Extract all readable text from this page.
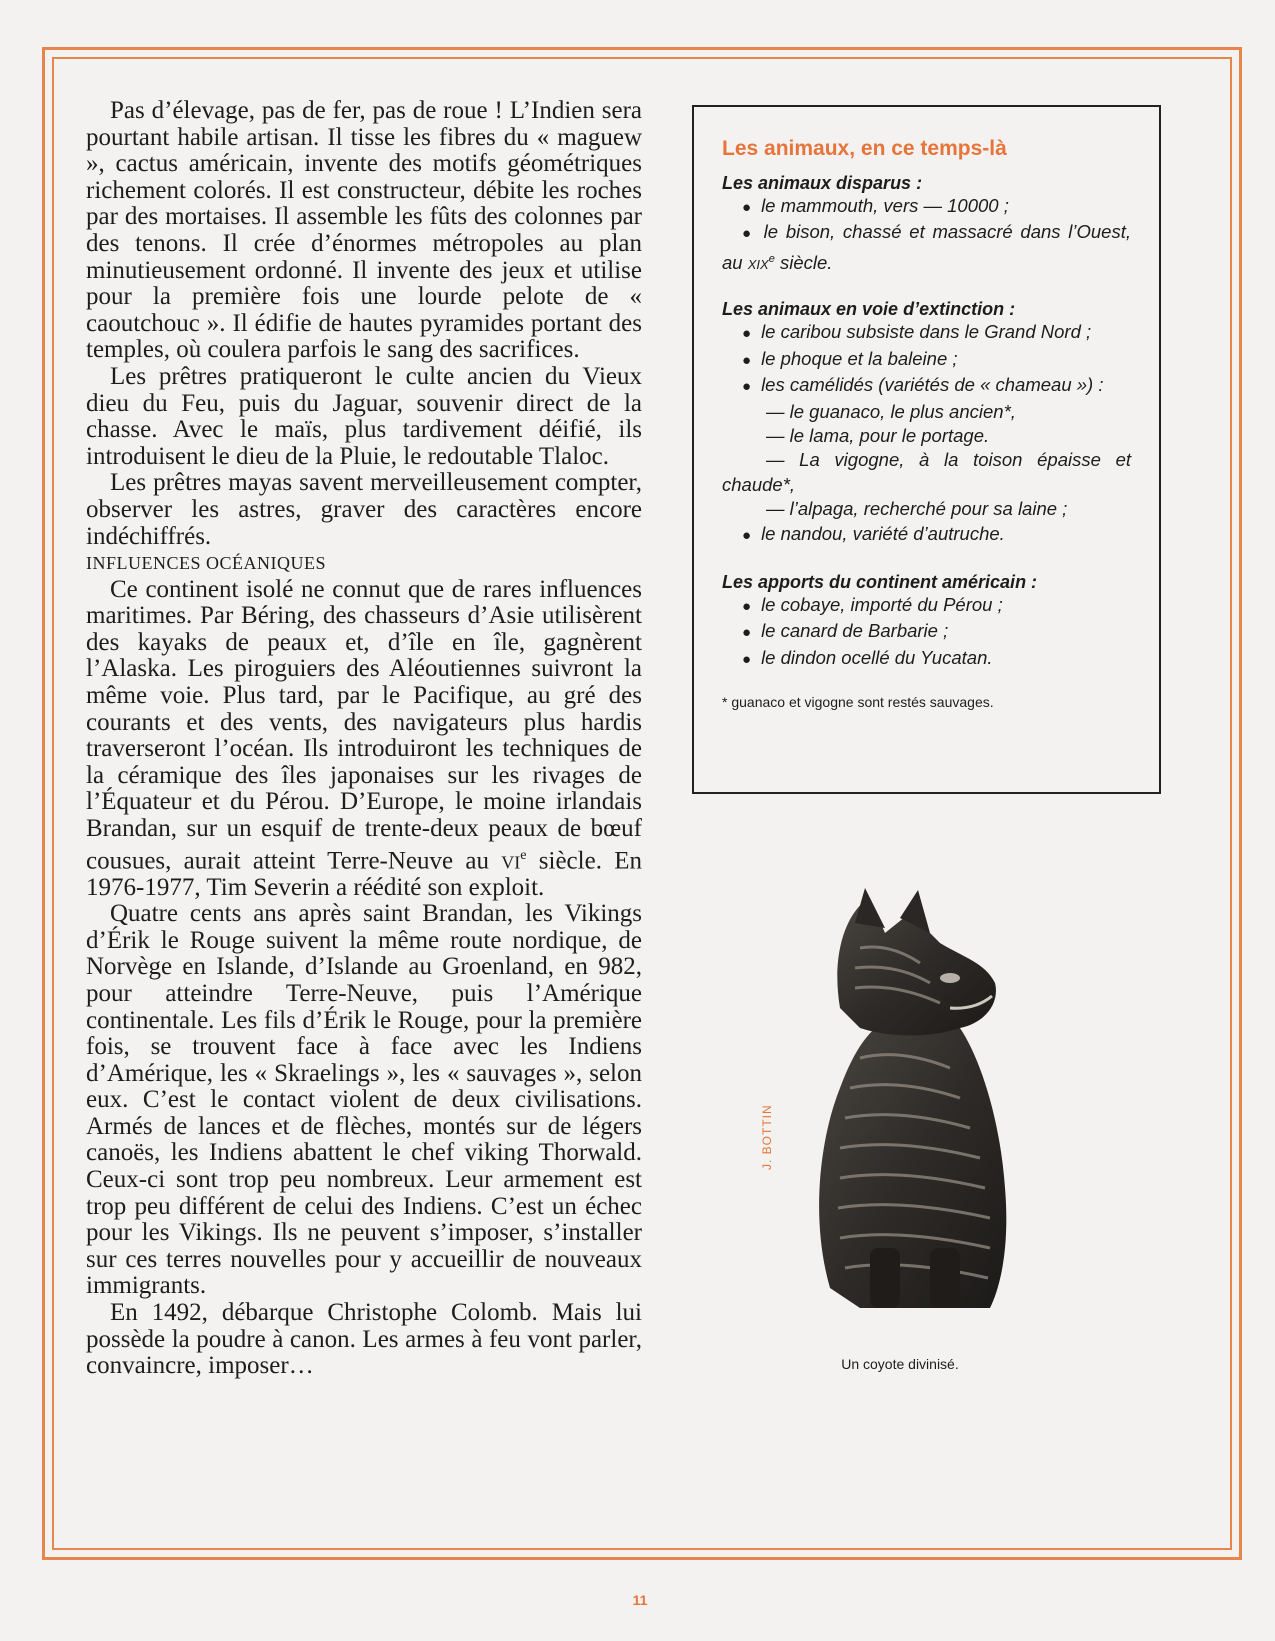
Pas d’élevage, pas de fer, pas de roue ! L’Indien sera pourtant habile artisan. Il tisse les fibres du « maguew », cactus américain, invente des motifs géométriques richement colorés. Il est constructeur, débite les roches par des mortaises. Il assemble les fûts des colonnes par des tenons. Il crée d’énormes métropoles au plan minutieusement ordonné. Il invente des jeux et utilise pour la première fois une lourde pelote de « caoutchouc ». Il édifie de hautes pyramides portant des temples, où coulera parfois le sang des sacrifices.

Les prêtres pratiqueront le culte ancien du Vieux dieu du Feu, puis du Jaguar, souvenir direct de la chasse. Avec le maïs, plus tardivement déifié, ils introduisent le dieu de la Pluie, le redoutable Tlaloc.

Les prêtres mayas savent merveilleusement compter, observer les astres, graver des caractères encore indéchiffrés.

INFLUENCES OCÉANIQUES

Ce continent isolé ne connut que de rares influences maritimes. Par Béring, des chasseurs d’Asie utilisèrent des kayaks de peaux et, d’île en île, gagnèrent l’Alaska. Les piroguiers des Aléoutiennes suivront la même voie. Plus tard, par le Pacifique, au gré des courants et des vents, des navigateurs plus hardis traverseront l’océan. Ils introduiront les techniques de la céramique des îles japonaises sur les rivages de l’Équateur et du Pérou. D’Europe, le moine irlandais Brandan, sur un esquif de trente-deux peaux de bœuf cousues, aurait atteint Terre-Neuve au $vi^e$ siècle. En 1976-1977, Tim Severin a réédité son exploit.

Quatre cents ans après saint Brandan, les Vikings d’Érik le Rouge suivent la même route nordique, de Norvège en Islande, d’Islande au Groenland, en 982, pour atteindre Terre-Neuve, puis l’Amérique continentale. Les fils d’Érik le Rouge, pour la première fois, se trouvent face à face avec les Indiens d’Amérique, les « Skraelings », les « sauvages », selon eux. C’est le contact violent de deux civilisations. Armés de lances et de flèches, montés sur de légers canoës, les Indiens abattent le chef viking Thorwald. Ceux-ci sont trop peu nombreux. Leur armement est trop peu différent de celui des Indiens. C’est un échec pour les Vikings. Ils ne peuvent s’imposer, s’installer sur ces terres nouvelles pour y accueillir de nouveaux immigrants.

En 1492, débarque Christophe Colomb. Mais lui possède la poudre à canon. Les armes à feu vont parler, convaincre, imposer…

Les animaux, en ce temps-là

Les animaux disparus :

● le mammouth, vers — 10000 ;

● le bison, chassé et massacré dans l’Ouest, au xix$^e$ siècle.

Les animaux en voie d’extinction :

● le caribou subsiste dans le Grand Nord ;

● le phoque et la baleine ;

● les camélidés (variétés de « chameau ») :

— le guanaco, le plus ancien*,

— le lama, pour le portage.

— La vigogne, à la toison épaisse et chaude*,

— l’alpaga, recherché pour sa laine ;

● le nandou, variété d’autruche.

Les apports du continent américain :

● le cobaye, importé du Pérou ;

● le canard de Barbarie ;

● le dindon ocellé du Yucatan.

* guanaco et vigogne sont restés sauvages.

J. BOTTIN
Un coyote divinisé.
11
